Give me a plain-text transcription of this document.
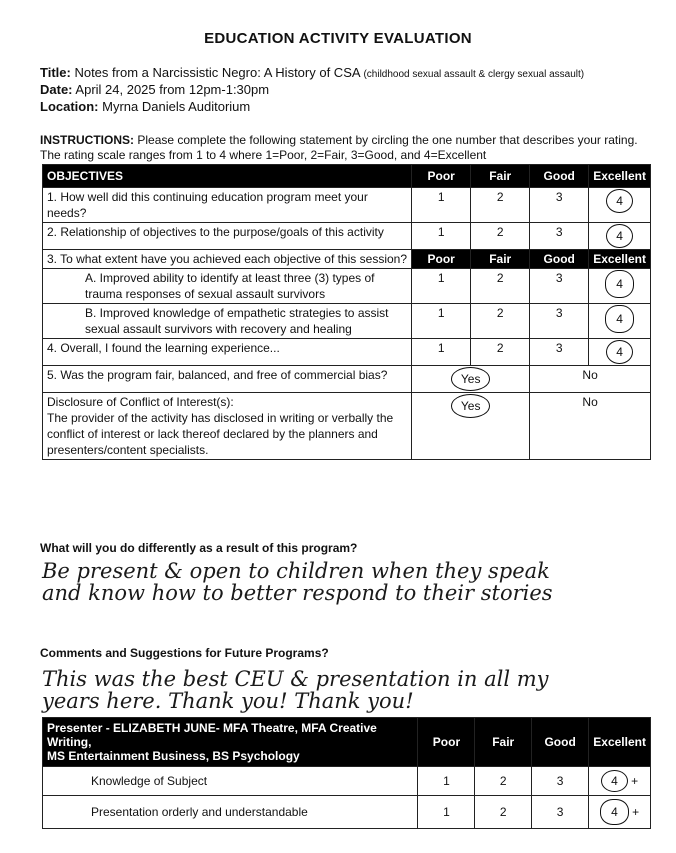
EDUCATION ACTIVITY EVALUATION
Title: Notes from a Narcissistic Negro: A History of CSA (childhood sexual assault & clergy sexual assault)
Date: April 24, 2025 from 12pm-1:30pm
Location: Myrna Daniels Auditorium
INSTRUCTIONS: Please complete the following statement by circling the one number that describes your rating. The rating scale ranges from 1 to 4 where 1=Poor, 2=Fair, 3=Good, and 4=Excellent
OBJECTIVES	Poor	Fair	Good	Excellent
1. How well did this continuing education program meet your needs?	1	2	3	4
2. Relationship of objectives to the purpose/goals of this activity	1	2	3	4
3. To what extent have you achieved each objective of this session?	Poor	Fair	Good	Excellent
A. Improved ability to identify at least three (3) types of trauma responses of sexual assault survivors	1	2	3	4
B. Improved knowledge of empathetic strategies to assist sexual assault survivors with recovery and healing	1	2	3	4
4. Overall, I found the learning experience...	1	2	3	4
5. Was the program fair, balanced, and free of commercial bias?	Yes		No	

Disclosure of Conflict of Interest(s):
The provider of the activity has disclosed in writing or verbally the conflict of interest or lack thereof declared by the planners and presenters/content specialists.	Yes		No	
What will you do differently as a result of this program?
Be present & open to children when they speak
and know how to better respond to their stories
Comments and Suggestions for Future Programs?
This was the best CEU & presentation in all my
years here. Thank you! Thank you!
Presenter - ELIZABETH JUNE- MFA Theatre, MFA Creative Writing,
MS Entertainment Business, BS Psychology	Poor	Fair	Good	Excellent
Knowledge of Subject	1	2	3	4 +
Presentation orderly and understandable	1	2	3	4 +
